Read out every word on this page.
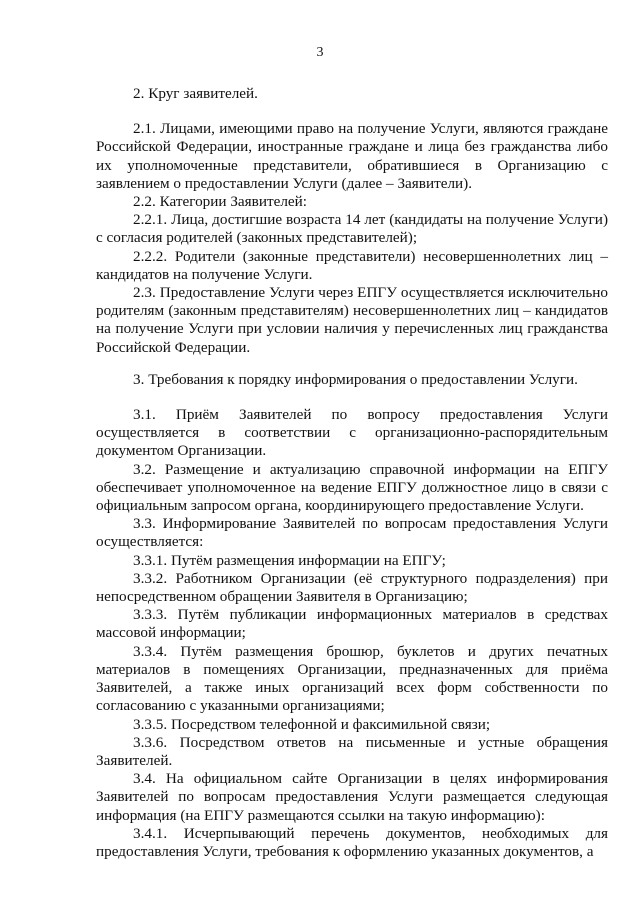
3
2. Круг заявителей.

2.1. Лицами, имеющими право на получение Услуги, являются граждане Российской Федерации, иностранные граждане и лица без гражданства либо их уполномоченные представители, обратившиеся в Организацию с заявлением о предоставлении Услуги (далее – Заявители).

2.2. Категории Заявителей:

2.2.1. Лица, достигшие возраста 14 лет (кандидаты на получение Услуги) с согласия родителей (законных представителей);

2.2.2. Родители (законные представители) несовершеннолетних лиц – кандидатов на получение Услуги.

2.3. Предоставление Услуги через ЕПГУ осуществляется исключительно родителям (законным представителям) несовершеннолетних лиц – кандидатов на получение Услуги при условии наличия у перечисленных лиц гражданства Российской Федерации.

3. Требования к порядку информирования о предоставлении Услуги.

3.1. Приём Заявителей по вопросу предоставления Услуги осуществляется в соответствии с организационно-распорядительным документом Организации.

3.2. Размещение и актуализацию справочной информации на ЕПГУ обеспечивает уполномоченное на ведение ЕПГУ должностное лицо в связи с официальным запросом органа, координирующего предоставление Услуги.

3.3. Информирование Заявителей по вопросам предоставления Услуги осуществляется:

3.3.1. Путём размещения информации на ЕПГУ;

3.3.2. Работником Организации (её структурного подразделения) при непосредственном обращении Заявителя в Организацию;

3.3.3. Путём публикации информационных материалов в средствах массовой информации;

3.3.4. Путём размещения брошюр, буклетов и других печатных материалов в помещениях Организации, предназначенных для приёма Заявителей, а также иных организаций всех форм собственности по согласованию с указанными организациями;

3.3.5. Посредством телефонной и факсимильной связи;

3.3.6. Посредством ответов на письменные и устные обращения Заявителей.

3.4. На официальном сайте Организации в целях информирования Заявителей по вопросам предоставления Услуги размещается следующая информация (на ЕПГУ размещаются ссылки на такую информацию):

3.4.1. Исчерпывающий перечень документов, необходимых для предоставления Услуги, требования к оформлению указанных документов, а
